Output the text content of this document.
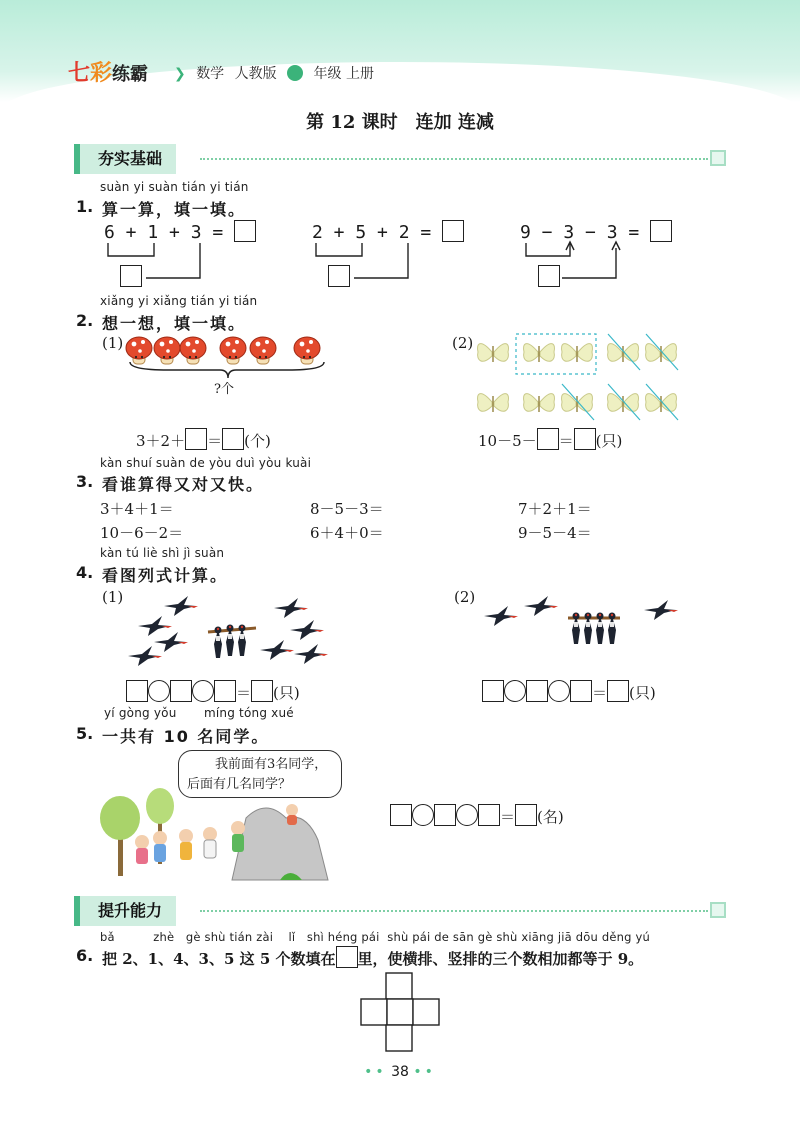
七彩练霸	❯ 数学 人教版	年级 上册
第 12 课时　连加 连减
夯实基础
suàn yi suàn tián yi tián
1. 算一算，填一填。
6 + 1 + 3 =	2 + 5 + 2 =	9 − 3 − 3 =
xiǎng yi xiǎng tián yi tián
2. 想一想，填一填。
(1)
?个
3＋2＋ ＝ (个)
(2)
10－5－ ＝ (只)
kàn shuí suàn de yòu duì yòu kuài
3. 看谁算得又对又快。
3＋4＋1＝	8－5－3＝	7＋2＋1＝
10－6－2＝	6＋4＋0＝	9－5－4＝
kàn tú liè shì jì suàn
4. 看图列式计算。
(1)	(2)
＝ (只)	＝ (只)
yí gòng yǒu míng tóng xué
5. 一共有 10 名同学。
我前面有3名同学，
后面有几名同学？
＝ (名)
提升能力
bǎ          zhè   gè shù tián zài    lǐ   shì héng pái  shù pái de sān gè shù xiāng jiā dōu děng yú
6. 把 2、1、4、3、5 这 5 个数填在 里，使横排、竖排的三个数相加都等于 9。
•• 38 ••
